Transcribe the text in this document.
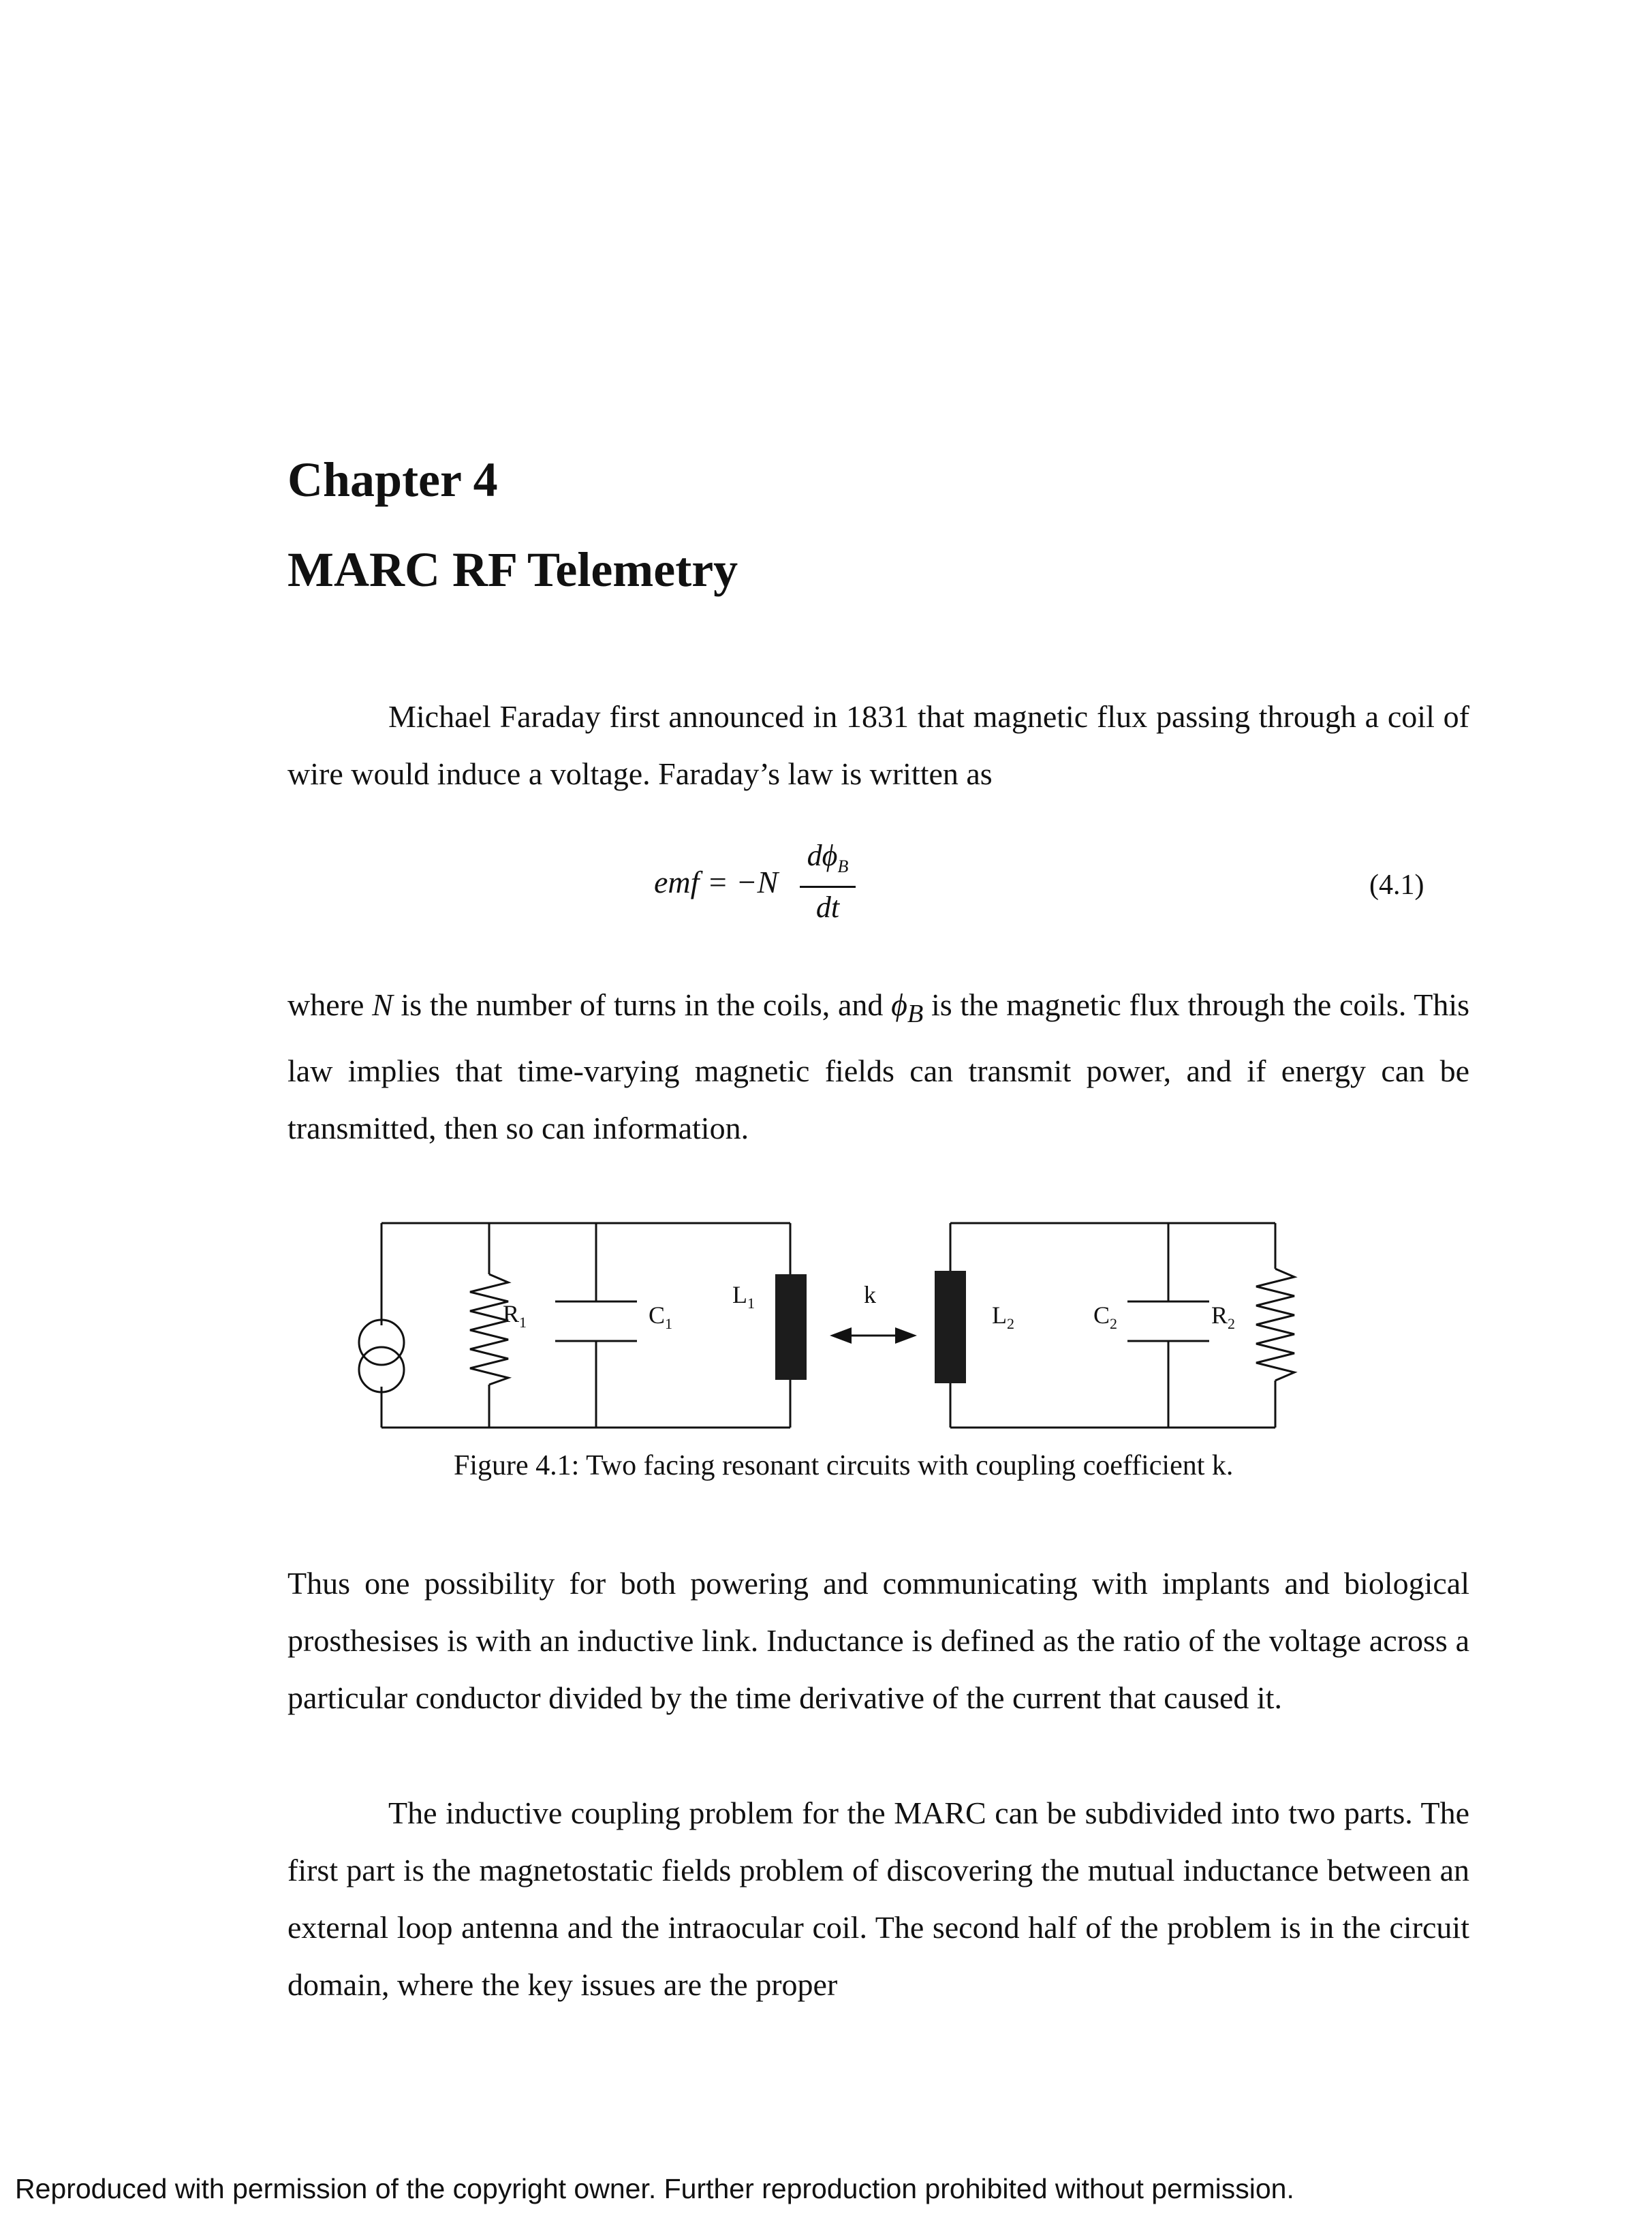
Chapter 4
MARC RF Telemetry

Michael Faraday first announced in 1831 that magnetic flux passing through a coil of wire would induce a voltage. Faraday’s law is written as

emf = −N
$d\phi_B$
dt
(4.1)

where N is the number of turns in the coils, and $\phi_B$ is the magnetic flux through the coils. This law implies that time-varying magnetic fields can transmit power, and if energy can be transmitted, then so can information.

$R_1$	$C_1$
$L_1$	k
$L_2$	$C_2$	$R_2$
Figure 4.1: Two facing resonant circuits with coupling coefficient k.

Thus one possibility for both powering and communicating with implants and biological prosthesises is with an inductive link. Inductance is defined as the ratio of the voltage across a particular conductor divided by the time derivative of the current that caused it.

The inductive coupling problem for the MARC can be subdivided into two parts. The first part is the magnetostatic fields problem of discovering the mutual inductance between an external loop antenna and the intraocular coil. The second half of the problem is in the circuit domain, where the key issues are the proper

Reproduced with permission of the copyright owner. Further reproduction prohibited without permission.
